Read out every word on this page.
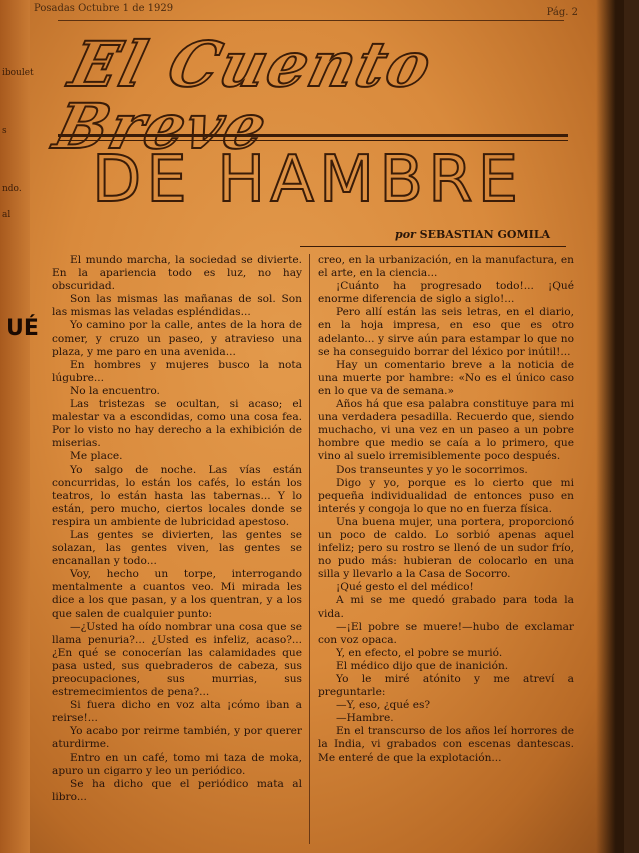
iboulet
s
ndo.
al
UÉ
Posadas Octubre 1 de 1929	Pág. 2
El Cuento Breve
DE HAMBRE
por SEBASTIAN GOMILA

El mundo marcha, la sociedad se divierte. En la apariencia todo es luz, no hay obscuridad.

Son las mismas las mañanas de sol. Son las mismas las veladas espléndidas...

Yo camino por la calle, antes de la hora de comer, y cruzo un paseo, y atravieso una plaza, y me paro en una avenida...

En hombres y mujeres busco la nota lúgubre...

No la encuentro.

Las tristezas se ocultan, si acaso; el malestar va a escondidas, como una cosa fea. Por lo visto no hay derecho a la exhibición de miserias.

Me place.

Yo salgo de noche. Las vías están concurridas, lo están los cafés, lo están los teatros, lo están hasta las tabernas... Y lo están, pero mucho, ciertos locales donde se respira un ambiente de lubricidad apestoso.

Las gentes se divierten, las gentes se solazan, las gentes viven, las gentes se encanallan y todo...

Voy, hecho un torpe, interrogando mentalmente a cuantos veo. Mi mirada les dice a los que pasan, y a los quentran, y a los que salen de cualquier punto:

—¿Usted ha oído nombrar una cosa que se llama penuria?... ¿Usted es infeliz, acaso?... ¿En qué se conocerían las calamidades que pasa usted, sus quebraderos de cabeza, sus preocupaciones, sus murrias, sus estremecimientos de pena?...

Si fuera dicho en voz alta ¡cómo iban a reirse!...

Yo acabo por reirme también, y por querer aturdirme.

Entro en un café, tomo mi taza de moka, apuro un cigarro y leo un periódico.

Se ha dicho que el periódico mata al libro...

creo, en la urbanización, en la manufactura, en el arte, en la ciencia...

¡Cuánto ha progresado todo!... ¡Qué enorme diferencia de siglo a siglo!...

Pero allí están las seis letras, en el diario, en la hoja impresa, en eso que es otro adelanto... y sirve aún para estampar lo que no se ha conseguido borrar del léxico por inútil!...

Hay un comentario breve a la noticia de una muerte por hambre: «No es el único caso en lo que va de semana.»

Años há que esa palabra constituye para mi una verdadera pesadilla. Recuerdo que, siendo muchacho, vi una vez en un paseo a un pobre hombre que medio se caía a lo primero, que vino al suelo irremisiblemente poco después.

Dos transeuntes y yo le socorrimos.

Digo y yo, porque es lo cierto que mi pequeña individualidad de entonces puso en interés y congoja lo que no en fuerza física.

Una buena mujer, una portera, proporcionó un poco de caldo. Lo sorbió apenas aquel infeliz; pero su rostro se llenó de un sudor frío, no pudo más: hubieran de colocarlo en una silla y llevarlo a la Casa de Socorro.

¡Qué gesto el del médico!

A mi se me quedó grabado para toda la vida.

—¡El pobre se muere!—hubo de exclamar con voz opaca.

Y, en efecto, el pobre se murió.

El médico dijo que de inanición.

Yo le miré atónito y me atreví a preguntarle:

—Y, eso, ¿qué es?

—Hambre.

En el transcurso de los años leí horrores de la India, vi grabados con escenas dantescas. Me enteré de que la explotación...
